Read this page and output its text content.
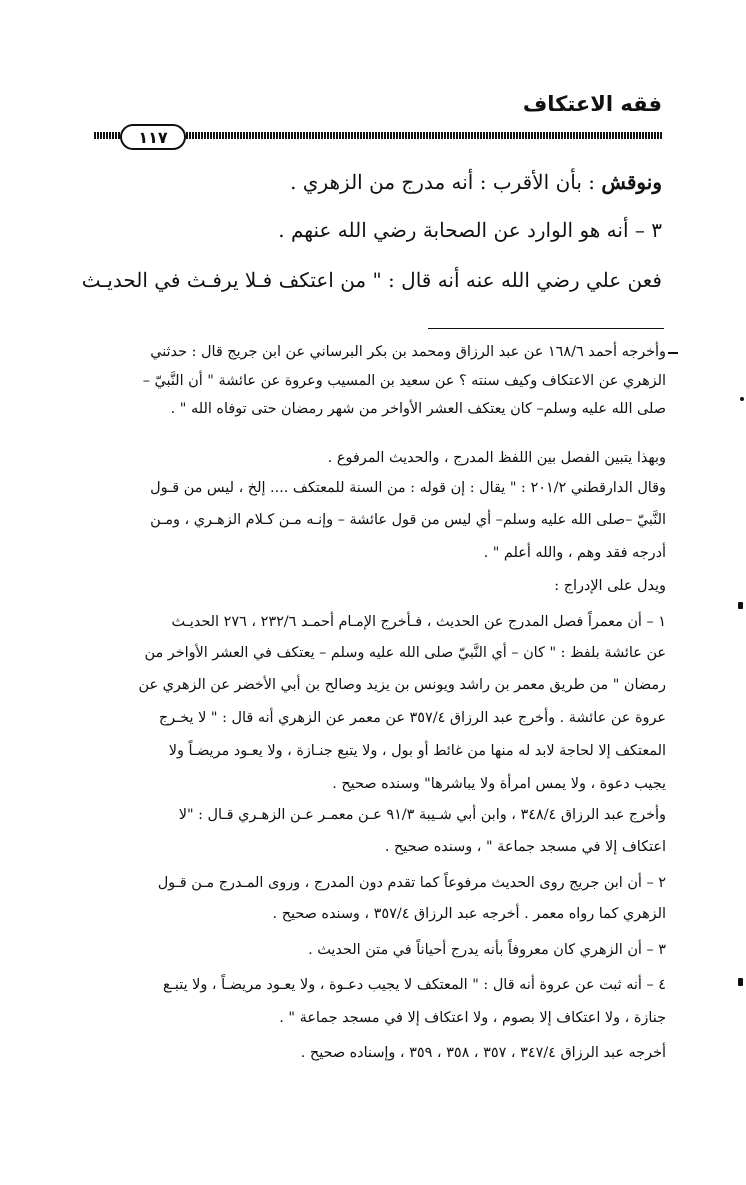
فقه الاعتكاف
١١٧
ونوقش : بأن الأقرب : أنه مدرج من الزهري .
٣ – أنه هو الوارد عن الصحابة رضي الله عنهم .
فعن علي رضي الله عنه أنه قال : " من اعتكف فـلا يرفـث في الحديـث
وأخرجه أحمد ١٦٨/٦ عن عبد الرزاق ومحمد بن بكر البرساني عن ابن جريج قال : حدثني
الزهري عن الاعتكاف وكيف سنته ؟ عن سعيد بن المسيب وعروة عن عائشة " أن النَّبيّ –
صلى الله عليه وسلم– كان يعتكف العشر الأواخر من شهر رمضان حتى توفاه الله " .
وبهذا يتبين الفصل بين اللفظ المدرج ، والحديث المرفوع .
وقال الدارقطني ٢٠١/٢ : " يقال : إن قوله : من السنة للمعتكف .... إلخ ، ليس من قـول
النَّبيّ –صلى الله عليه وسلم– أي ليس من قول عائشة – وإنـه مـن كـلام الزهـري ، ومـن
أدرجه فقد وهم ، والله أعلم " .
ويدل على الإدراج :
١ – أن معمراً فصل المدرج عن الحديث ، فـأخرج الإمـام أحمـد ٢٣٢/٦ ، ٢٧٦ الحديـث
عن عائشة بلفظ : " كان – أي النَّبيّ صلى الله عليه وسلم – يعتكف في العشر الأواخر من
رمضان " من طريق معمر بن راشد ويونس بن يزيد وصالح بن أبي الأخضر عن الزهري عن
عروة عن عائشة . وأخرج عبد الرزاق ٣٥٧/٤ عن معمر عن الزهري أنه قال : " لا يخـرج
المعتكف إلا لحاجة لابد له منها من غائط أو بول ، ولا يتبع جنـازة ، ولا يعـود مريضـاً ولا
يجيب دعوة ، ولا يمس امرأة ولا يباشرها" وسنده صحيح .
وأخرج عبد الرزاق ٣٤٨/٤ ، وابن أبي شـيبة ٩١/٣ عـن معمـر عـن الزهـري قـال : "لا
اعتكاف إلا في مسجد جماعة " ، وسنده صحيح .
٢ – أن ابن جريج روى الحديث مرفوعاً كما تقدم دون المدرج ، وروى المـدرج مـن قـول
الزهري كما رواه معمر . أخرجه عبد الرزاق ٣٥٧/٤ ، وسنده صحيح .
٣ – أن الزهري كان معروفاً بأنه يدرج أحياناً في متن الحديث .
٤ – أنه ثبت عن عروة أنه قال : " المعتكف لا يجيب دعـوة ، ولا يعـود مريضـاً ، ولا يتبـع
جنازة ، ولا اعتكاف إلا بصوم ، ولا اعتكاف إلا في مسجد جماعة " .
أخرجه عبد الرزاق ٣٤٧/٤ ، ٣٥٧ ، ٣٥٨ ، ٣٥٩ ، وإسناده صحيح .
